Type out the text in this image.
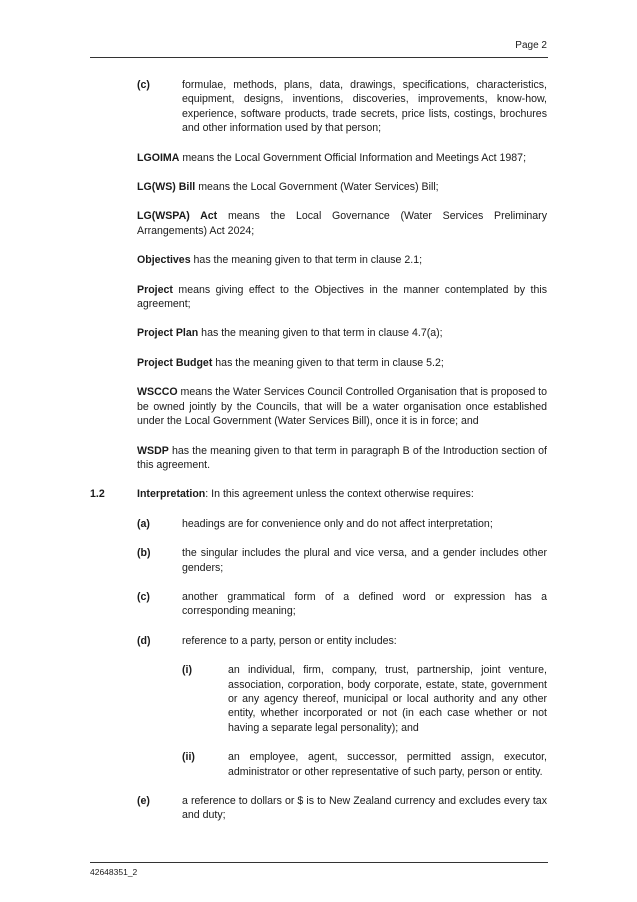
Page 2
(c)	formulae, methods, plans, data, drawings, specifications, characteristics, equipment, designs, inventions, discoveries, improvements, know-how, experience, software products, trade secrets, price lists, costings, brochures and other information used by that person;
LGOIMA means the Local Government Official Information and Meetings Act 1987;
LG(WS) Bill means the Local Government (Water Services) Bill;
LG(WSPA) Act means the Local Governance (Water Services Preliminary Arrangements) Act 2024;
Objectives has the meaning given to that term in clause 2.1;
Project means giving effect to the Objectives in the manner contemplated by this agreement;
Project Plan has the meaning given to that term in clause 4.7(a);
Project Budget has the meaning given to that term in clause 5.2;
WSCCO means the Water Services Council Controlled Organisation that is proposed to be owned jointly by the Councils, that will be a water organisation once established under the Local Government (Water Services Bill), once it is in force; and
WSDP has the meaning given to that term in paragraph B of the Introduction section of this agreement.
1.2	Interpretation: In this agreement unless the context otherwise requires:
(a)	headings are for convenience only and do not affect interpretation;
(b)	the singular includes the plural and vice versa, and a gender includes other genders;
(c)	another grammatical form of a defined word or expression has a corresponding meaning;
(d)	reference to a party, person or entity includes:
(i)	an individual, firm, company, trust, partnership, joint venture, association, corporation, body corporate, estate, state, government or any agency thereof, municipal or local authority and any other entity, whether incorporated or not (in each case whether or not having a separate legal personality); and
(ii)	an employee, agent, successor, permitted assign, executor, administrator or other representative of such party, person or entity.
(e)	a reference to dollars or $ is to New Zealand currency and excludes every tax and duty;
42648351_2
